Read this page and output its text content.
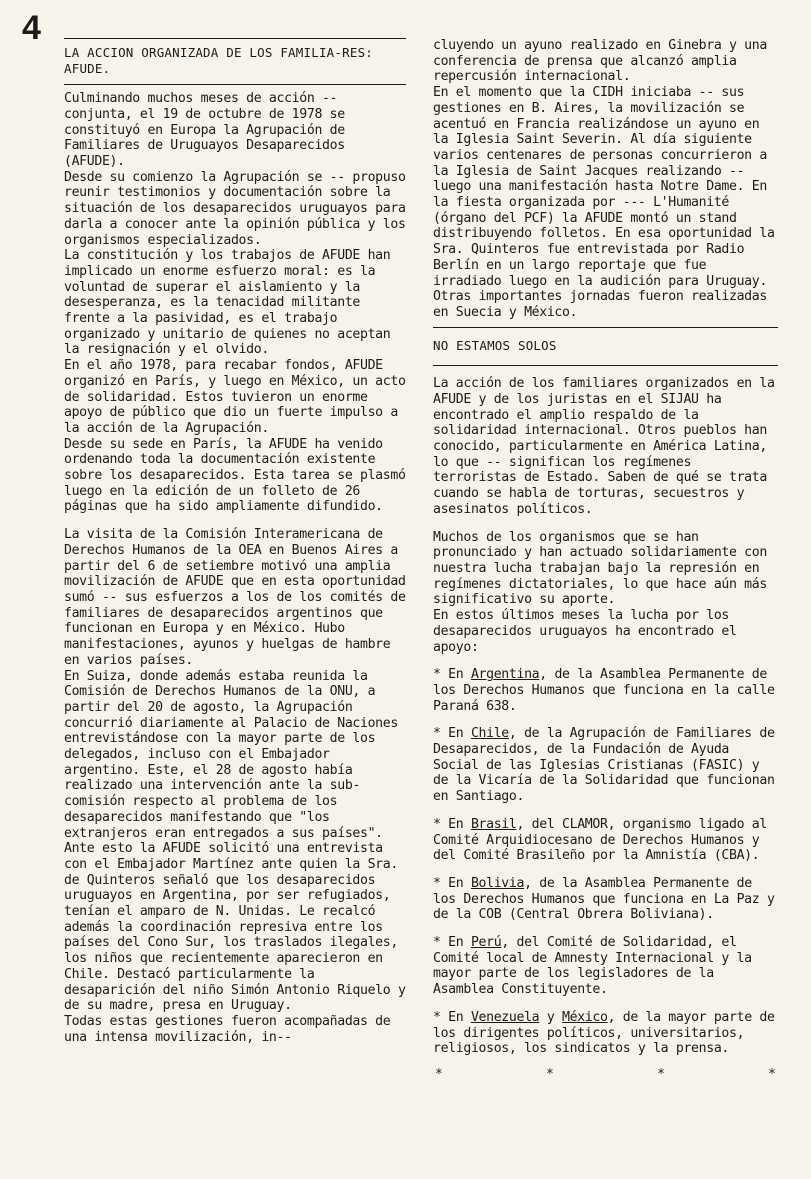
4
LA ACCION ORGANIZADA DE LOS FAMILIA-RES: AFUDE.

Culminando muchos meses de acción -- conjunta, el 19 de octubre de 1978 se constituyó en Europa la Agrupación de Familiares de Uruguayos Desaparecidos (AFUDE).

Desde su comienzo la Agrupación se -- propuso reunir testimonios y documentación sobre la situación de los desaparecidos uruguayos para darla a conocer ante la opinión pública y los organismos especializados.

La constitución y los trabajos de AFUDE han implicado un enorme esfuerzo moral: es la voluntad de superar el aislamiento y la desesperanza, es la tenacidad militante frente a la pasividad, es el trabajo organizado y unitario de quienes no aceptan la resignación y el olvido.

En el año 1978, para recabar fondos, AFUDE organizó en París, y luego en México, un acto de solidaridad. Estos tuvieron un enorme apoyo de público que dio un fuerte impulso a la acción de la Agrupación.

Desde su sede en París, la AFUDE ha venido ordenando toda la documentación existente sobre los desaparecidos. Esta tarea se plasmó luego en la edición de un folleto de 26 páginas que ha sido ampliamente difundido.

La visita de la Comisión Interamericana de Derechos Humanos de la OEA en Buenos Aires a partir del 6 de setiembre motivó una amplia movilización de AFUDE que en esta oportunidad sumó -- sus esfuerzos a los de los comités de familiares de desaparecidos argentinos que funcionan en Europa y en México. Hubo manifestaciones, ayunos y huelgas de hambre en varios países.

En Suiza, donde además estaba reunida la Comisión de Derechos Humanos de la ONU, a partir del 20 de agosto, la Agrupación concurrió diariamente al Palacio de Naciones entrevistándose con la mayor parte de los delegados, incluso con el Embajador argentino. Este, el 28 de agosto había realizado una intervención ante la sub-comisión respecto al problema de los desaparecidos manifestando que "los extranjeros eran entregados a sus países".

Ante esto la AFUDE solicitó una entrevista con el Embajador Martínez ante quien la Sra. de Quinteros señaló que los desaparecidos uruguayos en Argentina, por ser refugiados, tenían el amparo de N. Unidas. Le recalcó además la coordinación represiva entre los países del Cono Sur, los traslados ilegales, los niños que recientemente aparecieron en Chile. Destacó particularmente la desaparición del niño Simón Antonio Riquelo y de su madre, presa en Uruguay.

Todas estas gestiones fueron acompañadas de una intensa movilización, in--

cluyendo un ayuno realizado en Ginebra y una conferencia de prensa que alcanzó amplia repercusión internacional.

En el momento que la CIDH iniciaba -- sus gestiones en B. Aires, la movilización se acentuó en Francia realizándose un ayuno en la Iglesia Saint Severin. Al día siguiente varios centenares de personas concurrieron a la Iglesia de Saint Jacques realizando -- luego una manifestación hasta Notre Dame. En la fiesta organizada por --- L'Humanité (órgano del PCF) la AFUDE montó un stand distribuyendo folletos. En esa oportunidad la Sra. Quinteros fue entrevistada por Radio Berlín en un largo reportaje que fue irradiado luego en la audición para Uruguay. Otras importantes jornadas fueron realizadas en Suecia y México.

NO ESTAMOS SOLOS

La acción de los familiares organizados en la AFUDE y de los juristas en el SIJAU ha encontrado el amplio respaldo de la solidaridad internacional. Otros pueblos han conocido, particularmente en América Latina, lo que -- significan los regímenes terroristas de Estado. Saben de qué se trata cuando se habla de torturas, secuestros y asesinatos políticos.

Muchos de los organismos que se han pronunciado y han actuado solidariamente con nuestra lucha trabajan bajo la represión en regímenes dictatoriales, lo que hace aún más significativo su aporte.

En estos últimos meses la lucha por los desaparecidos uruguayos ha encontrado el apoyo:

* En Argentina, de la Asamblea Permanente de los Derechos Humanos que funciona en la calle Paraná 638.

* En Chile, de la Agrupación de Familiares de Desaparecidos, de la Fundación de Ayuda Social de las Iglesias Cristianas (FASIC) y de la Vicaría de la Solidaridad que funcionan en Santiago.

* En Brasil, del CLAMOR, organismo ligado al Comité Arquidiocesano de Derechos Humanos y del Comité Brasileño por la Amnistía (CBA).

* En Bolivia, de la Asamblea Permanente de los Derechos Humanos que funciona en La Paz y de la COB (Central Obrera Boliviana).

* En Perú, del Comité de Solidaridad, el Comité local de Amnesty Internacional y la mayor parte de los legisladores de la Asamblea Constituyente.

* En Venezuela y México, de la mayor parte de los dirigentes políticos, universitarios, religiosos, los sindicatos y la prensa.

*	*	*	*
